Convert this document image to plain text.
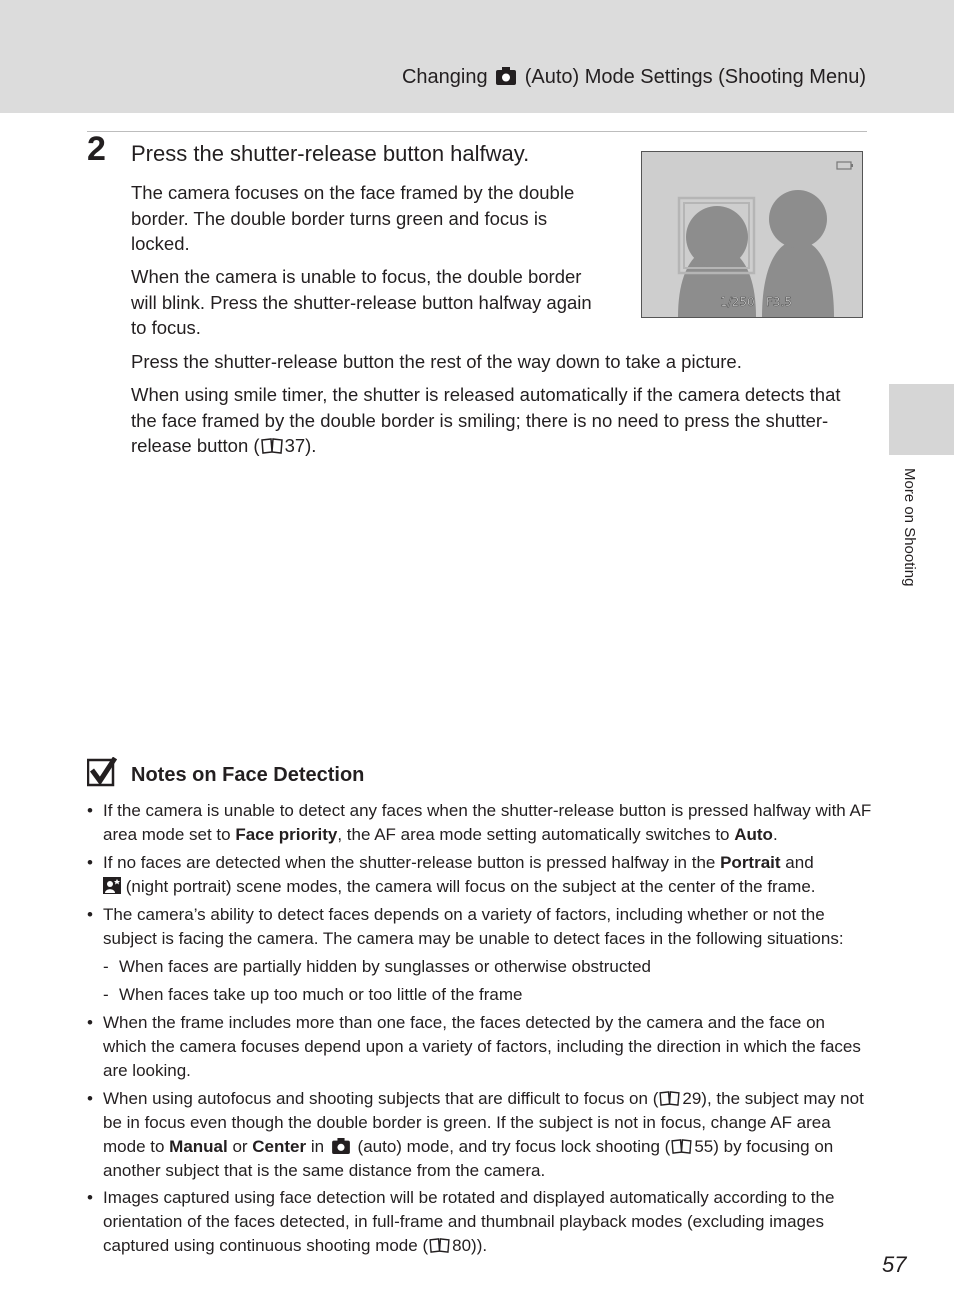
Changing (Auto) Mode Settings (Shooting Menu)
2 Press the shutter-release button halfway.

The camera focuses on the face framed by the double border. The double border turns green and focus is locked.

When the camera is unable to focus, the double border will blink. Press the shutter-release button halfway again to focus.

Press the shutter-release button the rest of the way down to take a picture.

When using smile timer, the shutter is released automatically if the camera detects that the face framed by the double border is smiling; there is no need to press the shutter-release button ( 37).

1/250 F3.5
More on Shooting
Notes on Face Detection

• If the camera is unable to detect any faces when the shutter-release button is pressed halfway with AF area mode set to Face priority, the AF area mode setting automatically switches to Auto.

• If no faces are detected when the shutter-release button is pressed halfway in the Portrait and
(night portrait) scene modes, the camera will focus on the subject at the center of the frame.

• The camera’s ability to detect faces depends on a variety of factors, including whether or not the subject is facing the camera. The camera may be unable to detect faces in the following situations:

- When faces are partially hidden by sunglasses or otherwise obstructed

- When faces take up too much or too little of the frame

• When the frame includes more than one face, the faces detected by the camera and the face on which the camera focuses depend upon a variety of factors, including the direction in which the faces are looking.

• When using autofocus and shooting subjects that are difficult to focus on ( 29), the subject may not be in focus even though the double border is green. If the subject is not in focus, change AF area mode to Manual or Center in  (auto) mode, and try focus lock shooting ( 55) by focusing on another subject that is the same distance from the camera.

• Images captured using face detection will be rotated and displayed automatically according to the orientation of the faces detected, in full-frame and thumbnail playback modes (excluding images captured using continuous shooting mode ( 80)).

57
